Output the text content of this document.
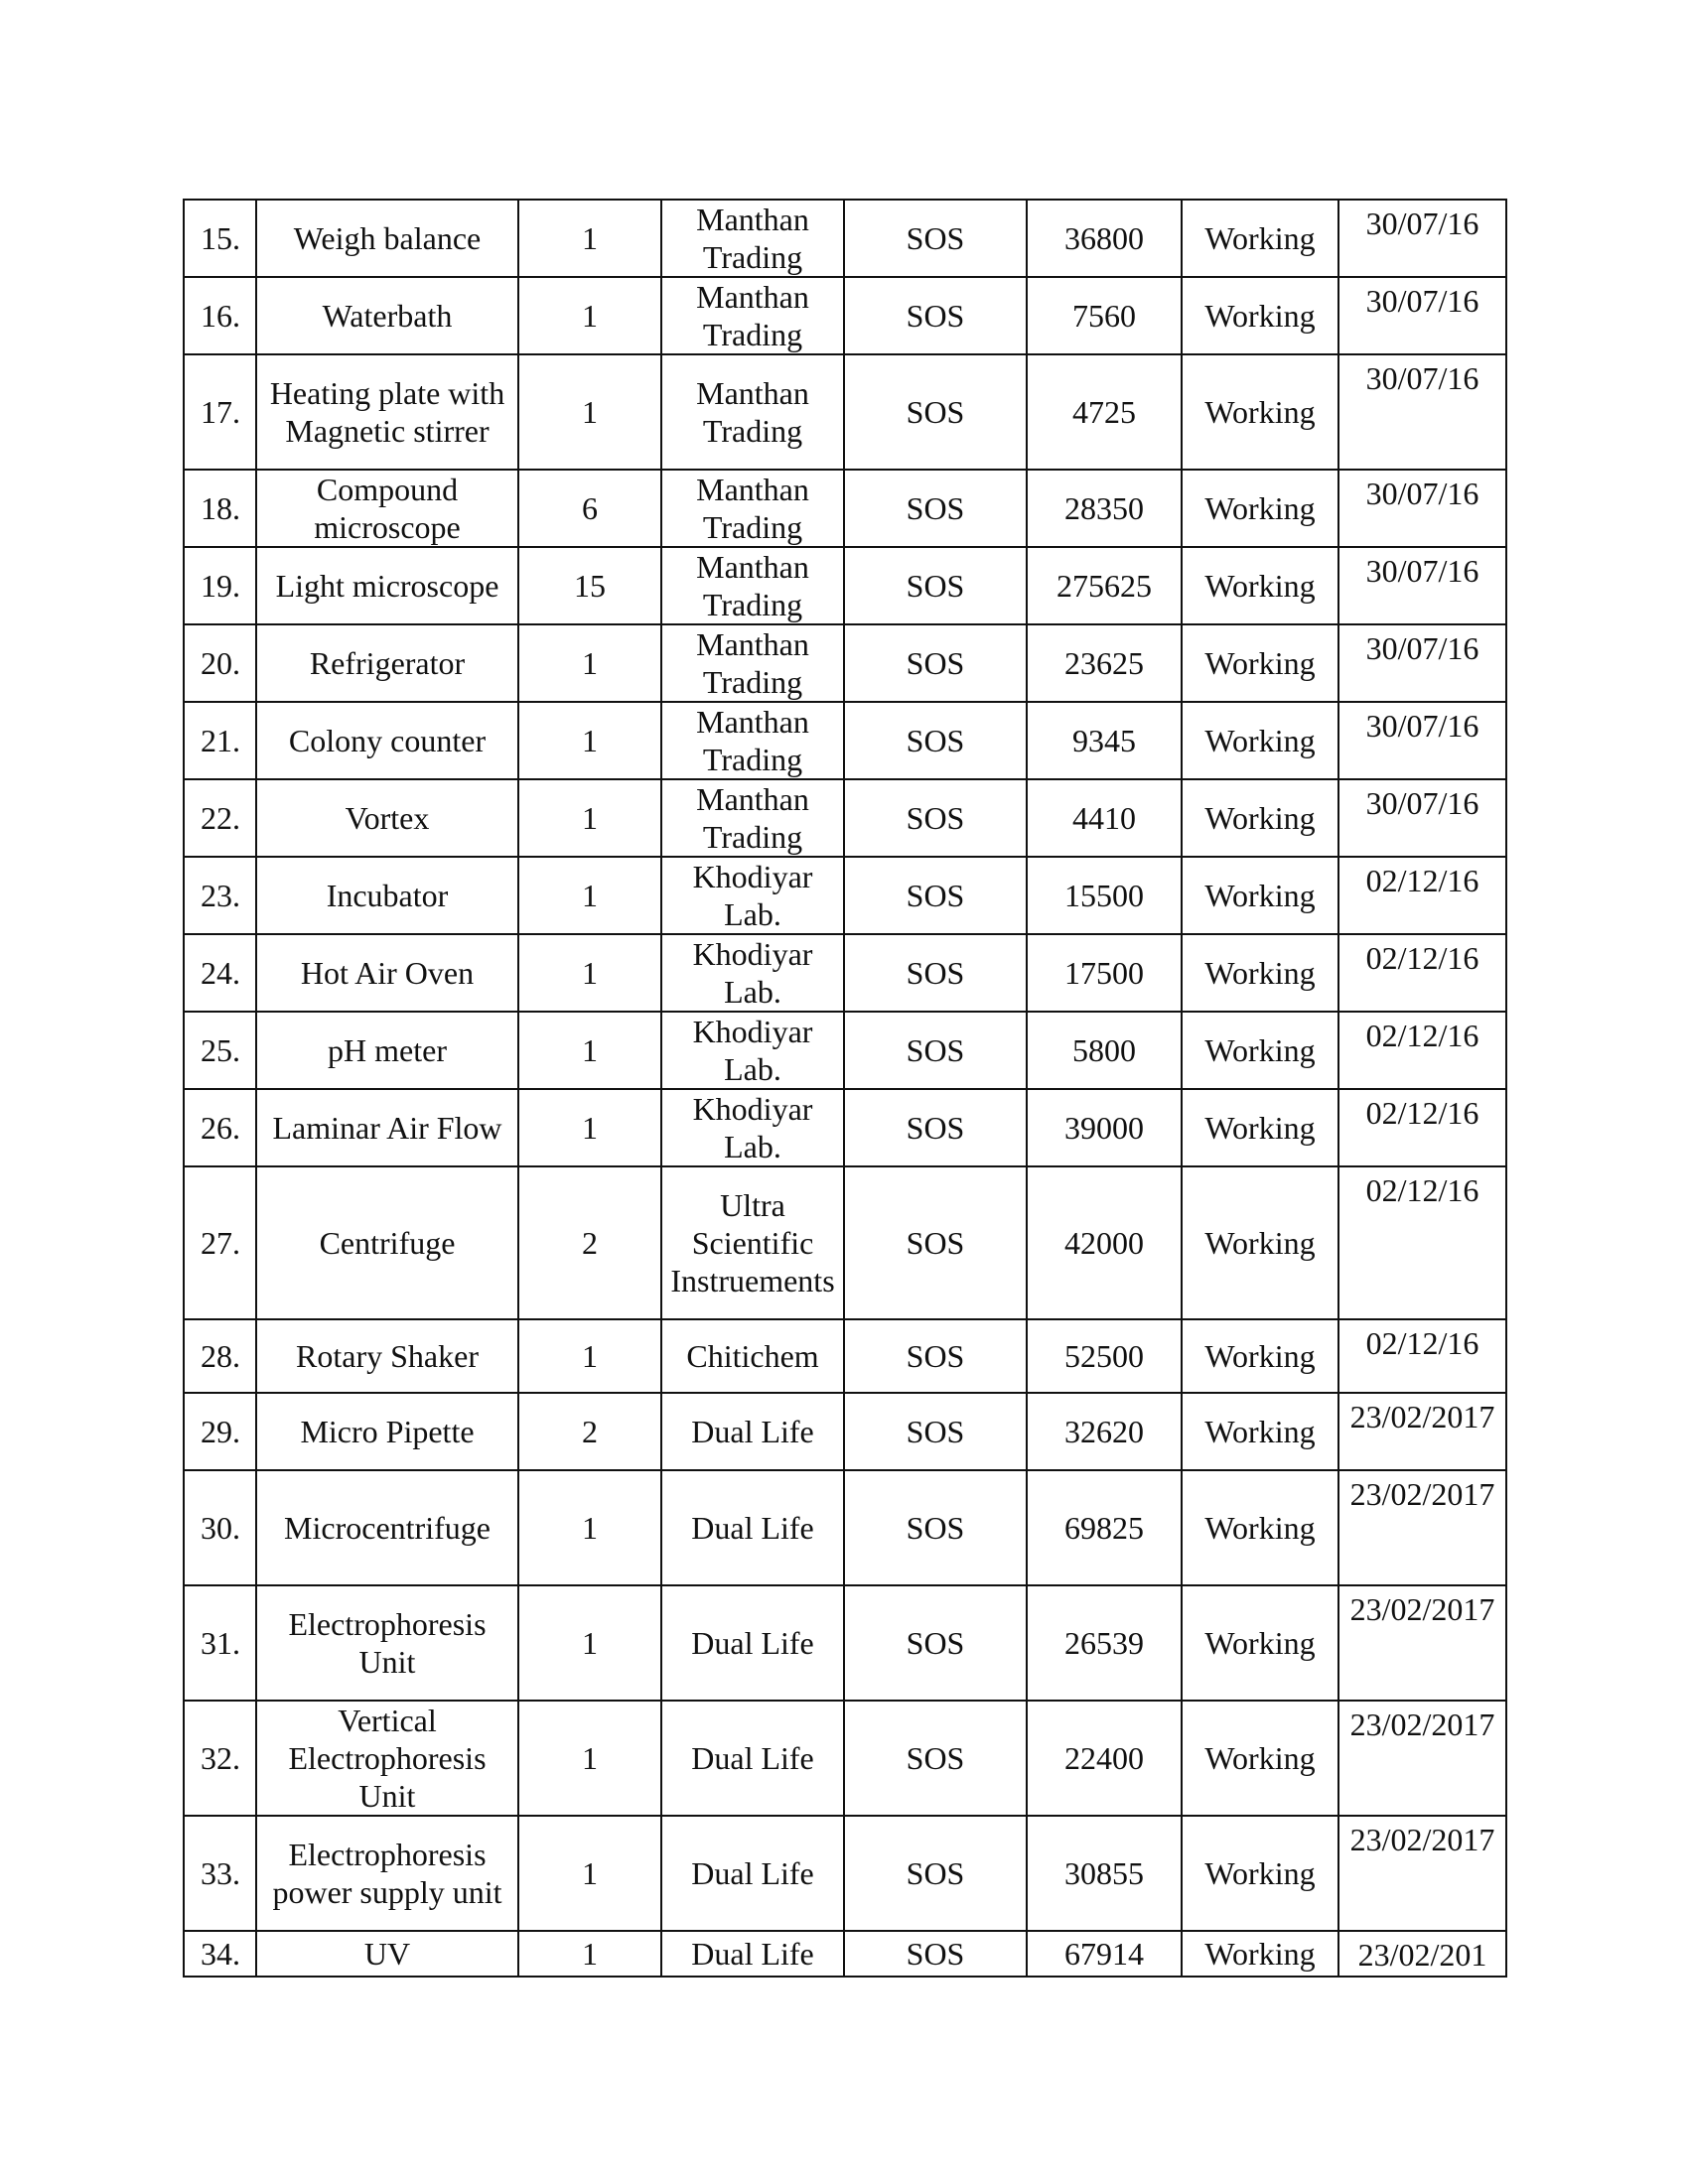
15.	Weigh balance	1	Manthan Trading	SOS	36800	Working	30/07/16
16.	Waterbath	1	Manthan Trading	SOS	7560	Working	30/07/16
17.	Heating plate with Magnetic stirrer	1	Manthan Trading	SOS	4725	Working	30/07/16
18.	Compound microscope	6	Manthan Trading	SOS	28350	Working	30/07/16
19.	Light microscope	15	Manthan Trading	SOS	275625	Working	30/07/16
20.	Refrigerator	1	Manthan Trading	SOS	23625	Working	30/07/16
21.	Colony counter	1	Manthan Trading	SOS	9345	Working	30/07/16
22.	Vortex	1	Manthan Trading	SOS	4410	Working	30/07/16
23.	Incubator	1	Khodiyar Lab.	SOS	15500	Working	02/12/16
24.	Hot Air Oven	1	Khodiyar Lab.	SOS	17500	Working	02/12/16
25.	pH meter	1	Khodiyar Lab.	SOS	5800	Working	02/12/16
26.	Laminar Air Flow	1	Khodiyar Lab.	SOS	39000	Working	02/12/16
27.	Centrifuge	2	Ultra Scientific Instruements	SOS	42000	Working	02/12/16
28.	Rotary Shaker	1	Chitichem	SOS	52500	Working	02/12/16
29.	Micro Pipette	2	Dual Life	SOS	32620	Working	23/02/2017
30.	Microcentrifuge	1	Dual Life	SOS	69825	Working	23/02/2017
31.	Electrophoresis Unit	1	Dual Life	SOS	26539	Working	23/02/2017
32.	Vertical Electrophoresis Unit	1	Dual Life	SOS	22400	Working	23/02/2017
33.	Electrophoresis power supply unit	1	Dual Life	SOS	30855	Working	23/02/2017
34.	UV	1	Dual Life	SOS	67914	Working	23/02/201
